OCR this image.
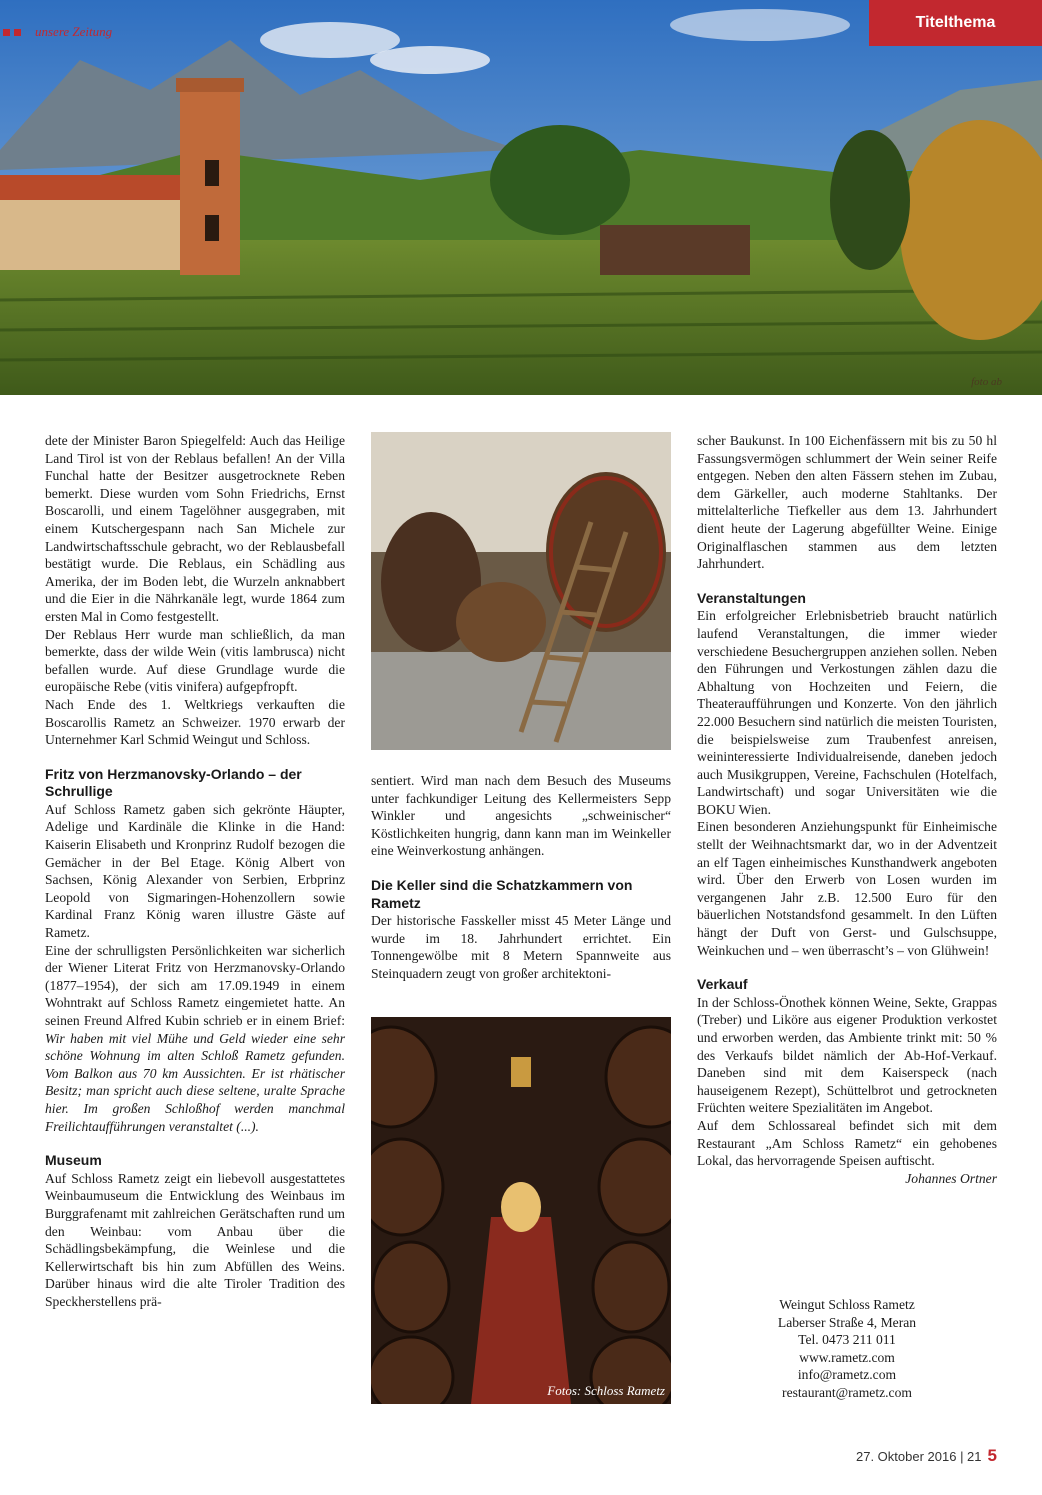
unsere Zeitung
Titelthema
foto ab

dete der Minister Baron Spiegelfeld: Auch das Heilige Land Tirol ist von der Reblaus befallen! An der Villa Funchal hatte der Besitzer ausgetrocknete Reben bemerkt. Diese wurden vom Sohn Friedrichs, Ernst Boscarolli, und einem Tagelöhner ausgegraben, mit einem Kutschergespann nach San Michele zur Landwirtschaftsschule gebracht, wo der Reblausbefall bestätigt wurde. Die Reblaus, ein Schädling aus Amerika, der im Boden lebt, die Wurzeln anknabbert und die Eier in die Nährkanäle legt, wurde 1864 zum ersten Mal in Como festgestellt.

Der Reblaus Herr wurde man schließlich, da man bemerkte, dass der wilde Wein (vitis lambrusca) nicht befallen wurde. Auf diese Grundlage wurde die europäische Rebe (vitis vinifera) aufgepfropft.

Nach Ende des 1. Weltkriegs verkauften die Boscarollis Rametz an Schweizer. 1970 erwarb der Unternehmer Karl Schmid Weingut und Schloss.

Fritz von Herzmanovsky-Orlando – der Schrullige

Auf Schloss Rametz gaben sich gekrönte Häupter, Adelige und Kardinäle die Klinke in die Hand: Kaiserin Elisabeth und Kronprinz Rudolf bezogen die Gemächer in der Bel Etage. König Albert von Sachsen, König Alexander von Serbien, Erbprinz Leopold von Sigmaringen-Hohenzollern sowie Kardinal Franz König waren illustre Gäste auf Rametz.

Eine der schrulligsten Persönlichkeiten war sicherlich der Wiener Literat Fritz von Herzmanovsky-Orlando (1877–1954), der sich am 17.09.1949 in einem Wohntrakt auf Schloss Rametz eingemietet hatte. An seinen Freund Alfred Kubin schrieb er in einem Brief: Wir haben mit viel Mühe und Geld wieder eine sehr schöne Wohnung im alten Schloß Rametz gefunden. Vom Balkon aus 70 km Aussichten. Er ist rhätischer Besitz; man spricht auch diese seltene, uralte Sprache hier. Im großen Schloßhof werden manchmal Freilichtaufführungen veranstaltet (...).

Museum

Auf Schloss Rametz zeigt ein liebevoll ausgestattetes Weinbaumuseum die Entwicklung des Weinbaus im Burggrafenamt mit zahlreichen Gerätschaften rund um den Weinbau: vom Anbau über die Schädlingsbekämpfung, die Weinlese und die Kellerwirtschaft bis hin zum Abfüllen des Weins. Darüber hinaus wird die alte Tiroler Tradition des Speckherstellens prä-

sentiert. Wird man nach dem Besuch des Museums unter fachkundiger Leitung des Kellermeisters Sepp Winkler und angesichts „schweinischer“ Köstlichkeiten hungrig, dann kann man im Weinkeller eine Weinverkostung anhängen.

Die Keller sind die Schatzkammern von Rametz

Der historische Fasskeller misst 45 Meter Länge und wurde im 18. Jahrhundert errichtet. Ein Tonnengewölbe mit 8 Metern Spannweite aus Steinquadern zeugt von großer architektoni-

Fotos: Schloss Rametz

scher Baukunst. In 100 Eichenfässern mit bis zu 50 hl Fassungsvermögen schlummert der Wein seiner Reife entgegen. Neben den alten Fässern stehen im Zubau, dem Gärkeller, auch moderne Stahltanks. Der mittelalterliche Tiefkeller aus dem 13. Jahrhundert dient heute der Lagerung abgefüllter Weine. Einige Originalflaschen stammen aus dem letzten Jahrhundert.

Veranstaltungen

Ein erfolgreicher Erlebnisbetrieb braucht natürlich laufend Veranstaltungen, die immer wieder verschiedene Besuchergruppen anziehen sollen. Neben den Führungen und Verkostungen zählen dazu die Abhaltung von Hochzeiten und Feiern, die Theateraufführungen und Konzerte. Von den jährlich 22.000 Besuchern sind natürlich die meisten Touristen, die beispielsweise zum Traubenfest anreisen, weininteressierte Individualreisende, daneben jedoch auch Musikgruppen, Vereine, Fachschulen (Hotelfach, Landwirtschaft) und sogar Universitäten wie die BOKU Wien.

Einen besonderen Anziehungspunkt für Einheimische stellt der Weihnachtsmarkt dar, wo in der Adventzeit an elf Tagen einheimisches Kunsthandwerk angeboten wird. Über den Erwerb von Losen wurden im vergangenen Jahr z.B. 12.500 Euro für den bäuerlichen Notstandsfond gesammelt. In den Lüften hängt der Duft von Gerst- und Gulschsuppe, Weinkuchen und – wen überrascht’s – von Glühwein!

Verkauf

In der Schloss-Önothek können Weine, Sekte, Grappas (Treber) und Liköre aus eigener Produktion verkostet und erworben werden, das Ambiente trinkt mit: 50 % des Verkaufs bildet nämlich der Ab-Hof-Verkauf. Daneben sind mit dem Kaiserspeck (nach hauseigenem Rezept), Schüttelbrot und getrockneten Früchten weitere Spezialitäten im Angebot.

Auf dem Schlossareal befindet sich mit dem Restaurant „Am Schloss Rametz“ ein gehobenes Lokal, das hervorragende Speisen auftischt.

Johannes Ortner

Weingut Schloss Rametz
Laberser Straße 4, Meran
Tel. 0473 211 011
www.rametz.com
info@rametz.com
restaurant@rametz.com
27. Oktober 2016 | 21 5
